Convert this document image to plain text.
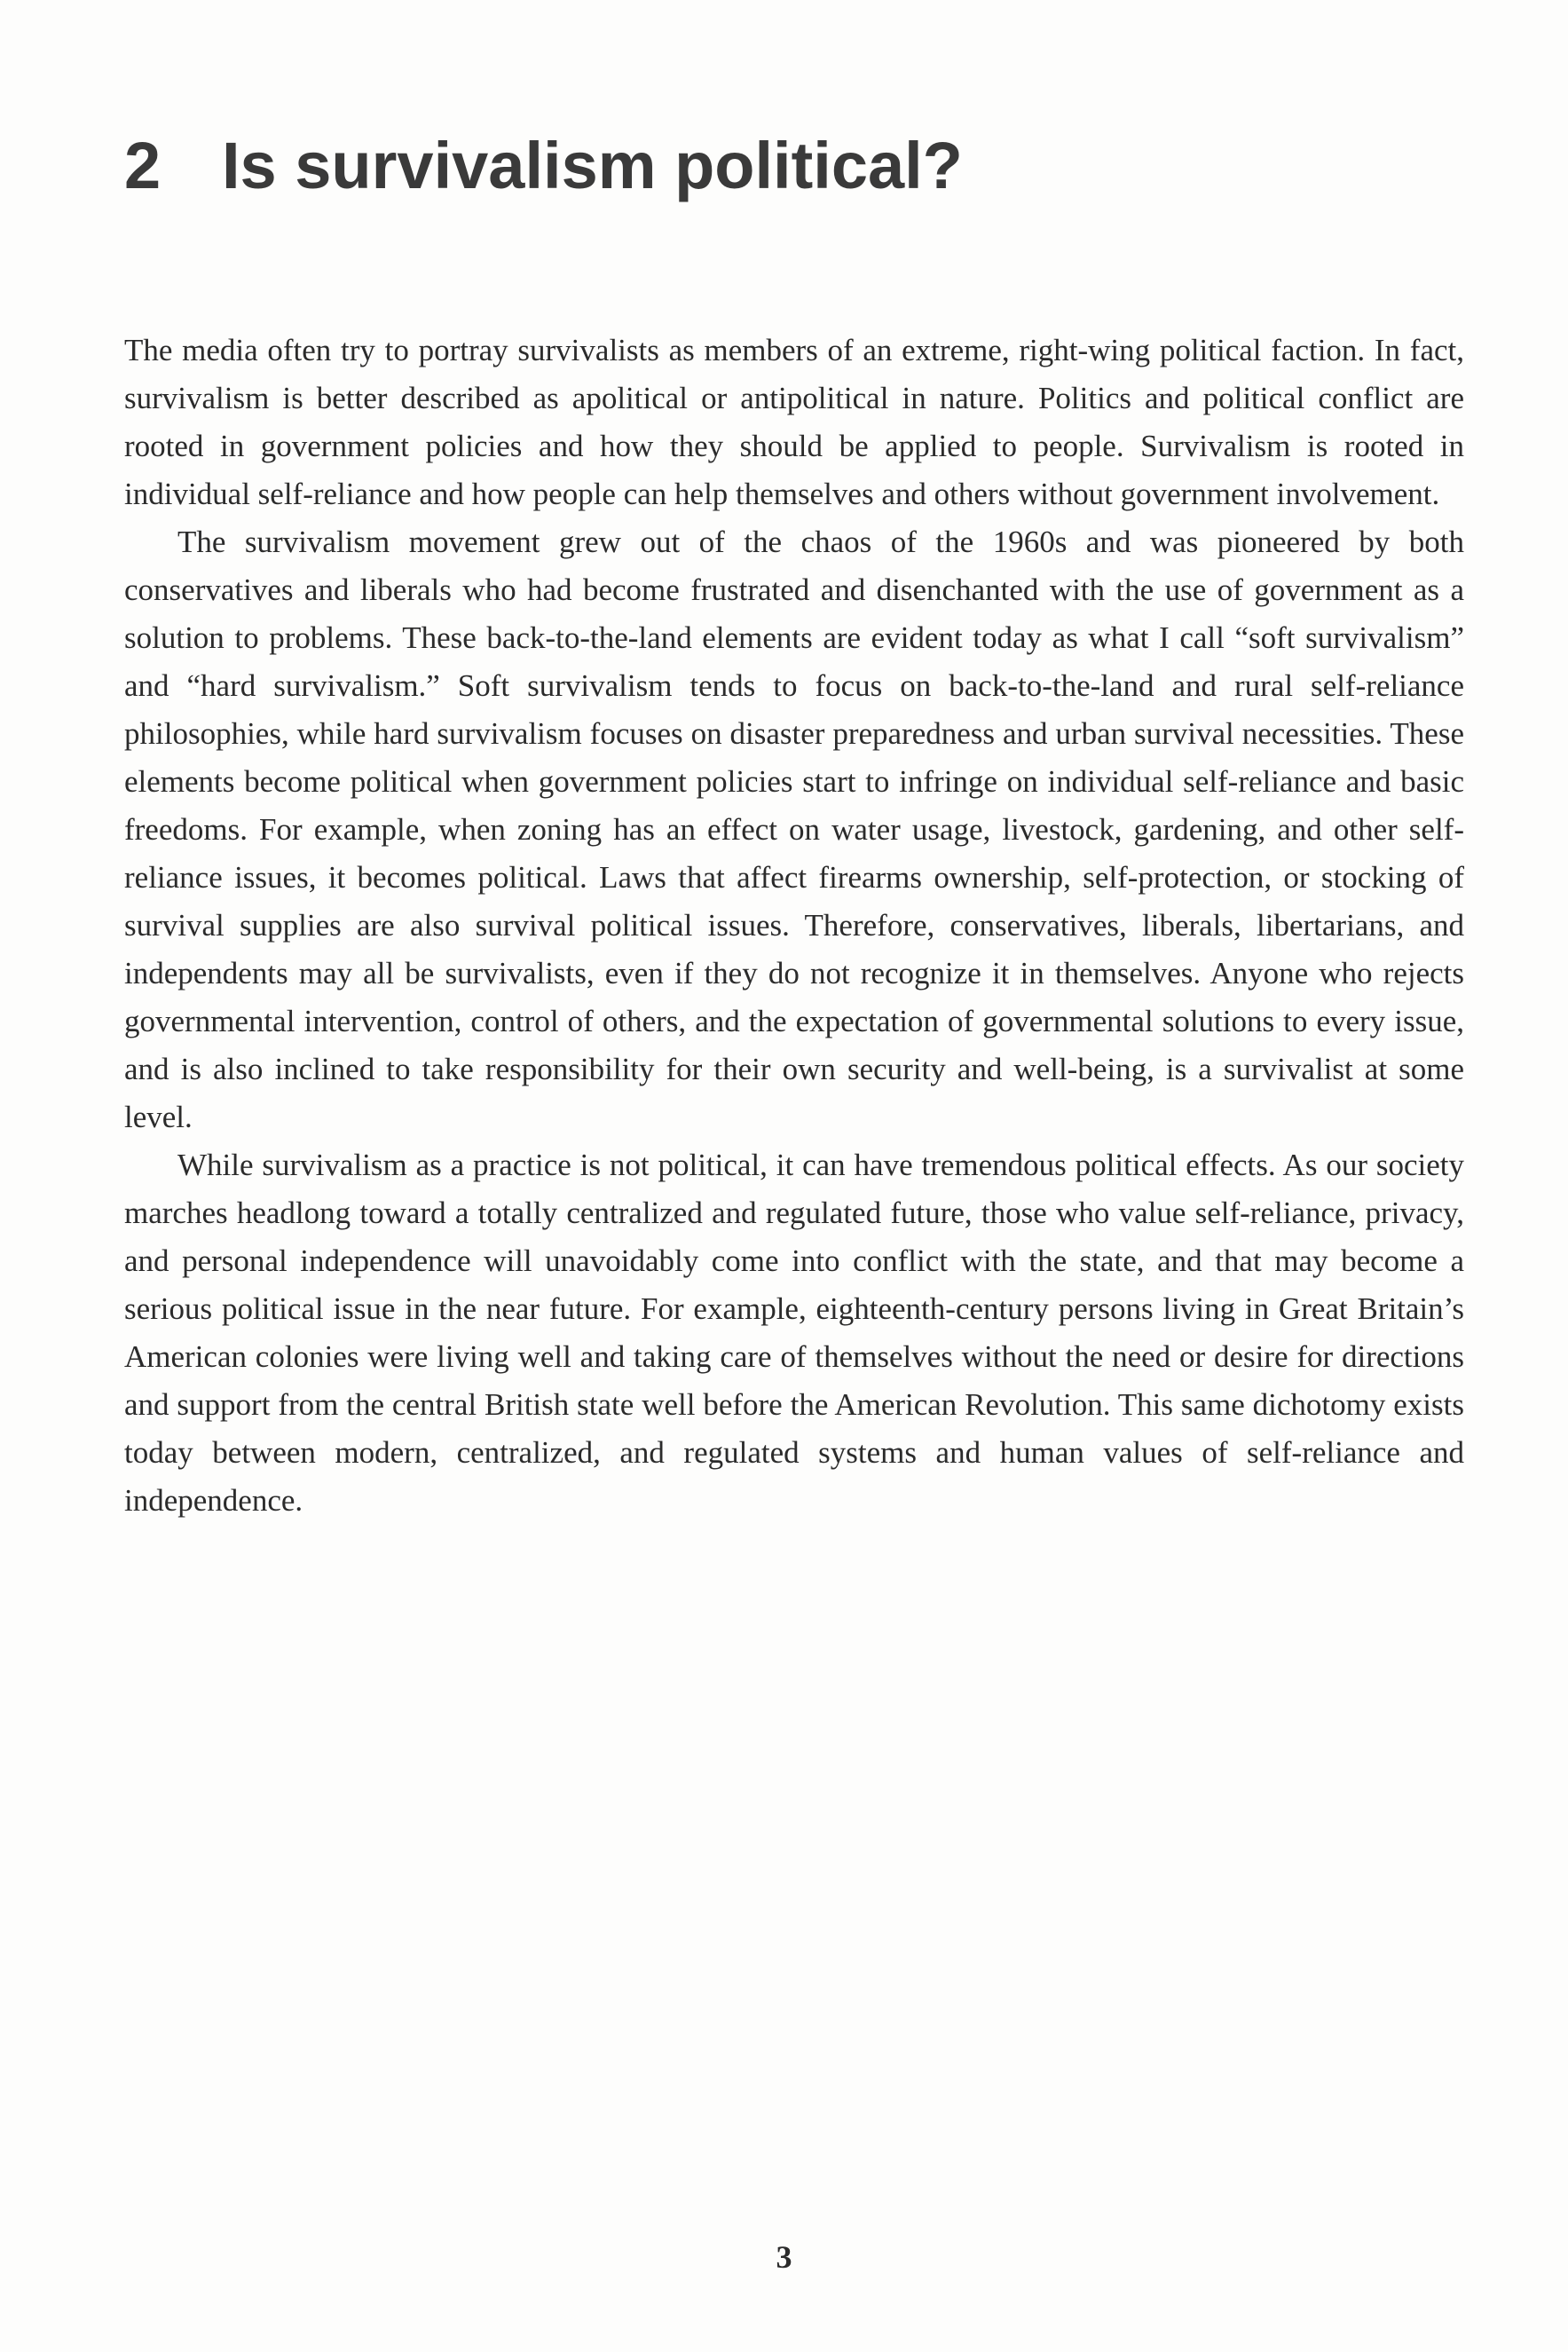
2 Is survivalism political?

The media often try to portray survivalists as members of an extreme, right-wing political faction. In fact, survivalism is better described as apolitical or antipolitical in nature. Politics and political conflict are rooted in government policies and how they should be applied to people. Survivalism is rooted in individual self-reliance and how people can help themselves and others without government involvement.

The survivalism movement grew out of the chaos of the 1960s and was pioneered by both conservatives and liberals who had become frustrated and disenchanted with the use of government as a solution to problems. These back-to-the-land elements are evident today as what I call “soft survivalism” and “hard survivalism.” Soft survivalism tends to focus on back-to-the-land and rural self-reliance philosophies, while hard survivalism focuses on disaster preparedness and urban survival necessities. These elements become political when government policies start to infringe on individual self-reliance and basic freedoms. For example, when zoning has an effect on water usage, livestock, gardening, and other self-reliance issues, it becomes political. Laws that affect firearms ownership, self-protection, or stocking of survival supplies are also survival political issues. Therefore, conservatives, liberals, libertarians, and independents may all be survivalists, even if they do not recognize it in themselves. Anyone who rejects governmental intervention, control of others, and the expectation of governmental solutions to every issue, and is also inclined to take responsibility for their own security and well-being, is a survivalist at some level.

While survivalism as a practice is not political, it can have tremendous political effects. As our society marches headlong toward a totally centralized and regulated future, those who value self-reliance, privacy, and personal independence will unavoidably come into conflict with the state, and that may become a serious political issue in the near future. For example, eighteenth-century persons living in Great Britain’s American colonies were living well and taking care of themselves without the need or desire for directions and support from the central British state well before the American Revolution. This same dichotomy exists today between modern, centralized, and regulated systems and human values of self-reliance and independence.

3
